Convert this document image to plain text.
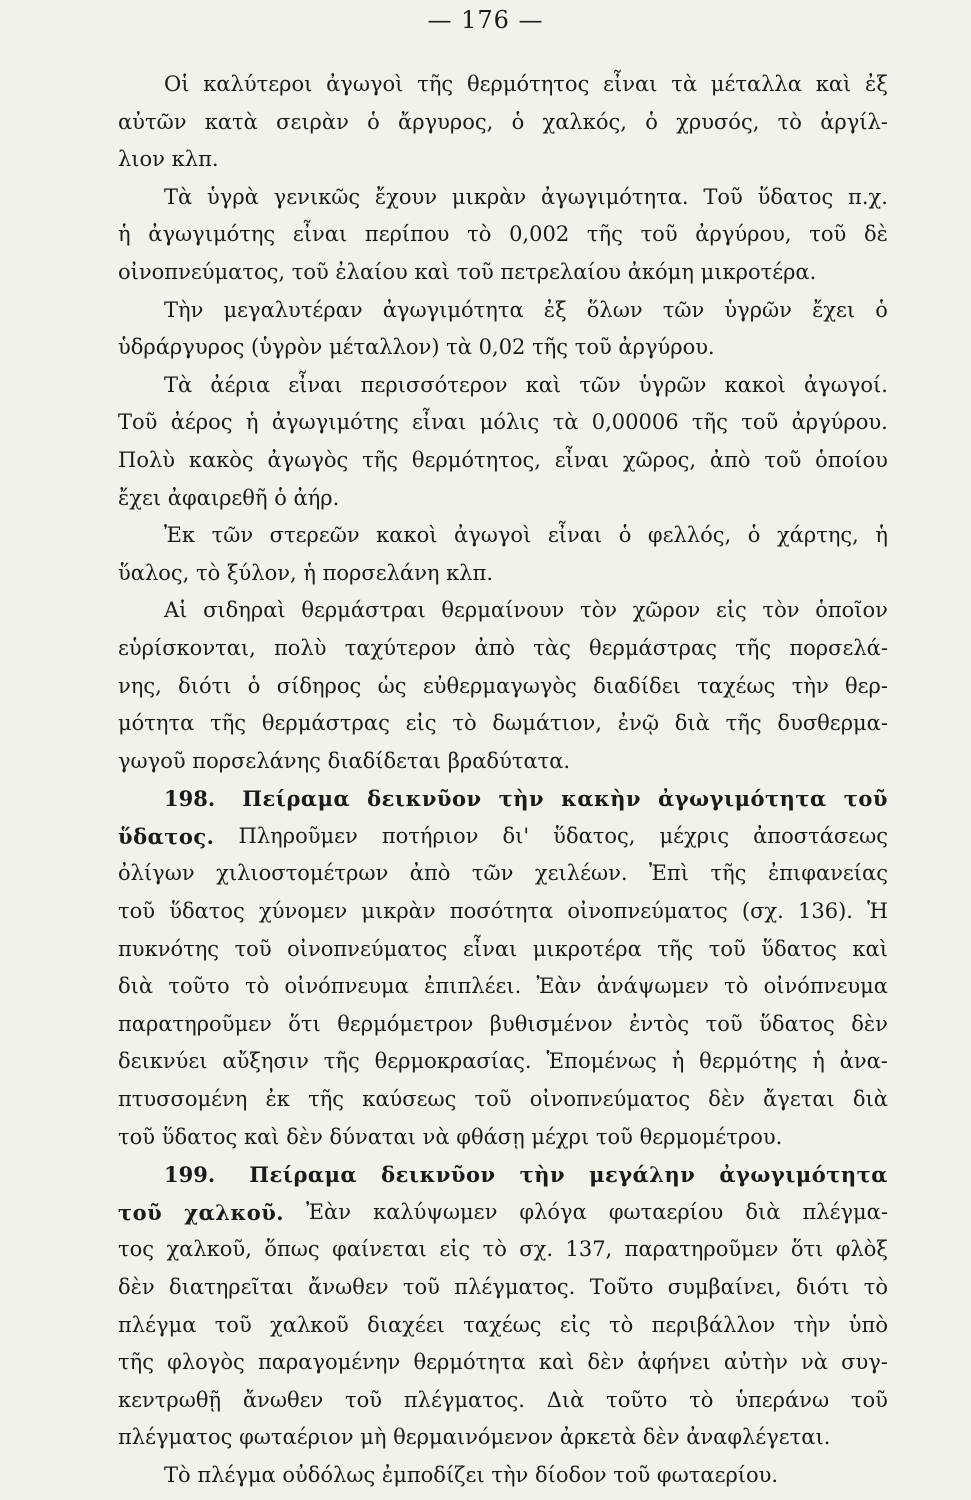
— 176 —
Οἱ καλύτεροι ἀγωγοὶ τῆς θερμότητος εἶναι τὰ μέταλλα καὶ ἐξ
αὐτῶν κατὰ σειρὰν ὁ ἄργυρος, ὁ χαλκός, ὁ χρυσός, τὸ ἀργίλ-
λιον κλπ.
Τὰ ὑγρὰ γενικῶς ἔχουν μικρὰν ἀγωγιμότητα. Τοῦ ὕδατος π.χ.
ἡ ἀγωγιμότης εἶναι περίπου τὸ 0,002 τῆς τοῦ ἀργύρου, τοῦ δὲ
οἰνοπνεύματος, τοῦ ἐλαίου καὶ τοῦ πετρελαίου ἀκόμη μικροτέρα.
Τὴν μεγαλυτέραν ἀγωγιμότητα ἐξ ὅλων τῶν ὑγρῶν ἔχει ὁ
ὑδράργυρος (ὑγρὸν μέταλλον) τὰ 0,02 τῆς τοῦ ἀργύρου.
Τὰ ἀέρια εἶναι περισσότερον καὶ τῶν ὑγρῶν κακοὶ ἀγωγοί.
Τοῦ ἀέρος ἡ ἀγωγιμότης εἶναι μόλις τὰ 0,00006 τῆς τοῦ ἀργύρου.
Πολὺ κακὸς ἀγωγὸς τῆς θερμότητος, εἶναι χῶρος, ἀπὸ τοῦ ὁποίου
ἔχει ἀφαιρεθῆ ὁ ἀήρ.
Ἐκ τῶν στερεῶν κακοὶ ἀγωγοὶ εἶναι ὁ φελλός, ὁ χάρτης, ἡ
ὕαλος, τὸ ξύλον, ἡ πορσελάνη κλπ.
Αἱ σιδηραὶ θερμάστραι θερμαίνουν τὸν χῶρον εἰς τὸν ὁποῖον
εὑρίσκονται, πολὺ ταχύτερον ἀπὸ τὰς θερμάστρας τῆς πορσελά-
νης, διότι ὁ σίδηρος ὡς εὐθερμαγωγὸς διαδίδει ταχέως τὴν θερ-
μότητα τῆς θερμάστρας εἰς τὸ δωμάτιον, ἐνῷ διὰ τῆς δυσθερμα-
γωγοῦ πορσελάνης διαδίδεται βραδύτατα.
198. Πείραμα δεικνῦον τὴν κακὴν ἀγωγιμότητα τοῦ
ὕδατος. Πληροῦμεν ποτήριον δι' ὕδατος, μέχρις ἀποστάσεως
ὀλίγων χιλιοστομέτρων ἀπὸ τῶν χειλέων. Ἐπὶ τῆς ἐπιφανείας
τοῦ ὕδατος χύνομεν μικρὰν ποσότητα οἰνοπνεύματος (σχ. 136). Ἡ
πυκνότης τοῦ οἰνοπνεύματος εἶναι μικροτέρα τῆς τοῦ ὕδατος καὶ
διὰ τοῦτο τὸ οἰνόπνευμα ἐπιπλέει. Ἐὰν ἀνάψωμεν τὸ οἰνόπνευμα
παρατηροῦμεν ὅτι θερμόμετρον βυθισμένον ἐντὸς τοῦ ὕδατος δὲν
δεικνύει αὔξησιν τῆς θερμοκρασίας. Ἑπομένως ἡ θερμότης ἡ ἀνα-
πτυσσομένη ἐκ τῆς καύσεως τοῦ οἰνοπνεύματος δὲν ἄγεται διὰ
τοῦ ὕδατος καὶ δὲν δύναται νὰ φθάσῃ μέχρι τοῦ θερμομέτρου.
199. Πείραμα δεικνῦον τὴν μεγάλην ἀγωγιμότητα
τοῦ χαλκοῦ. Ἐὰν καλύψωμεν φλόγα φωταερίου διὰ πλέγμα-
τος χαλκοῦ, ὅπως φαίνεται εἰς τὸ σχ. 137, παρατηροῦμεν ὅτι φλὸξ
δὲν διατηρεῖται ἄνωθεν τοῦ πλέγματος. Τοῦτο συμβαίνει, διότι τὸ
πλέγμα τοῦ χαλκοῦ διαχέει ταχέως εἰς τὸ περιβάλλον τὴν ὑπὸ
τῆς φλογὸς παραγομένην θερμότητα καὶ δὲν ἀφήνει αὐτὴν νὰ συγ-
κεντρωθῇ ἄνωθεν τοῦ πλέγματος. Διὰ τοῦτο τὸ ὑπεράνω τοῦ
πλέγματος φωταέριον μὴ θερμαινόμενον ἀρκετὰ δὲν ἀναφλέγεται.
Τὸ πλέγμα οὐδόλως ἐμποδίζει τὴν δίοδον τοῦ φωταερίου.
